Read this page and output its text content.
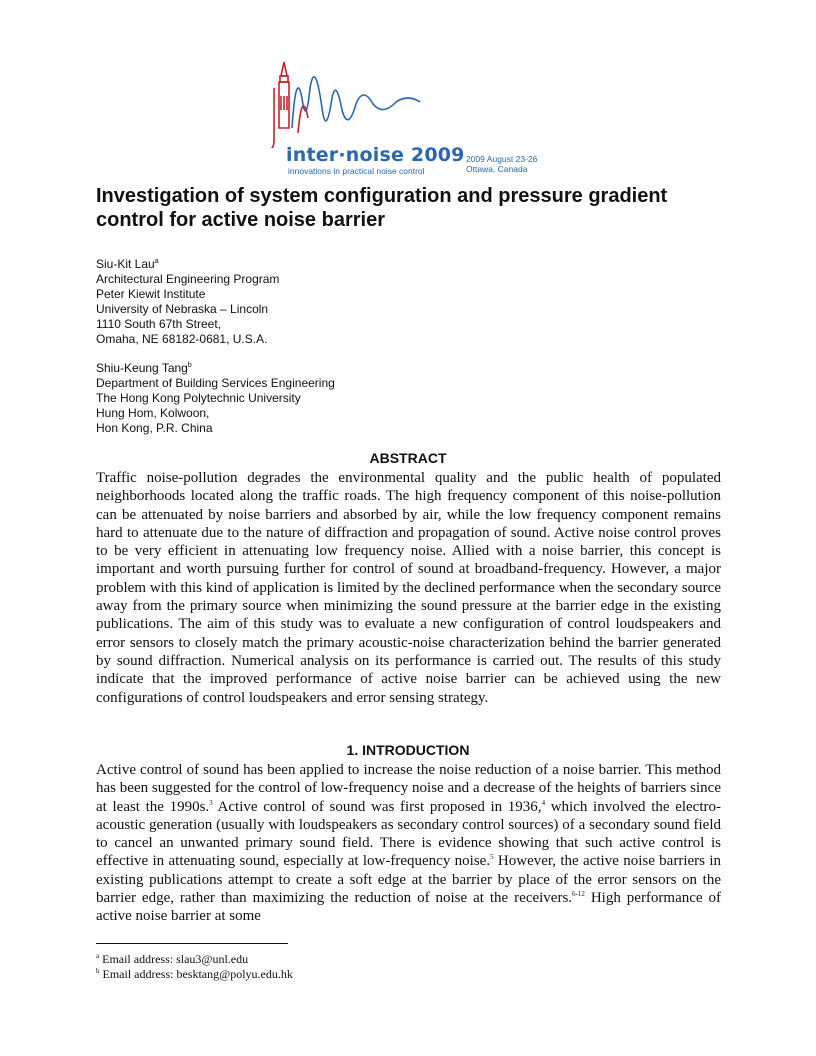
inter·noise 2009
innovations in practical noise control
2009 August 23-26
Ottawa, Canada
Investigation of system configuration and pressure gradient control for active noise barrier
Siu-Kit Lau$^a$
Architectural Engineering Program
Peter Kiewit Institute
University of Nebraska – Lincoln
1110 South 67th Street,
Omaha, NE 68182-0681, U.S.A.
Shiu-Keung Tang$^b$
Department of Building Services Engineering
The Hong Kong Polytechnic University
Hung Hom, Kolwoon,
Hon Kong, P.R. China
ABSTRACT

Traffic noise-pollution degrades the environmental quality and the public health of populated neighborhoods located along the traffic roads. The high frequency component of this noise-pollution can be attenuated by noise barriers and absorbed by air, while the low frequency component remains hard to attenuate due to the nature of diffraction and propagation of sound. Active noise control proves to be very efficient in attenuating low frequency noise. Allied with a noise barrier, this concept is important and worth pursuing further for control of sound at broadband-frequency. However, a major problem with this kind of application is limited by the declined performance when the secondary source away from the primary source when minimizing the sound pressure at the barrier edge in the existing publications. The aim of this study was to evaluate a new configuration of control loudspeakers and error sensors to closely match the primary acoustic-noise characterization behind the barrier generated by sound diffraction. Numerical analysis on its performance is carried out. The results of this study indicate that the improved performance of active noise barrier can be achieved using the new configurations of control loudspeakers and error sensing strategy.

1. INTRODUCTION

Active control of sound has been applied to increase the noise reduction of a noise barrier. This method has been suggested for the control of low-frequency noise and a decrease of the heights of barriers since at least the 1990s.$^3$ Active control of sound was first proposed in 1936,$^4$ which involved the electro-acoustic generation (usually with loudspeakers as secondary control sources) of a secondary sound field to cancel an unwanted primary sound field. There is evidence showing that such active control is effective in attenuating sound, especially at low-frequency noise.$^5$ However, the active noise barriers in existing publications attempt to create a soft edge at the barrier by place of the error sensors on the barrier edge, rather than maximizing the reduction of noise at the receivers.$^{6-12}$ High performance of active noise barrier at some

$^a$ Email address: slau3@unl.edu
$^b$ Email address: besktang@polyu.edu.hk
